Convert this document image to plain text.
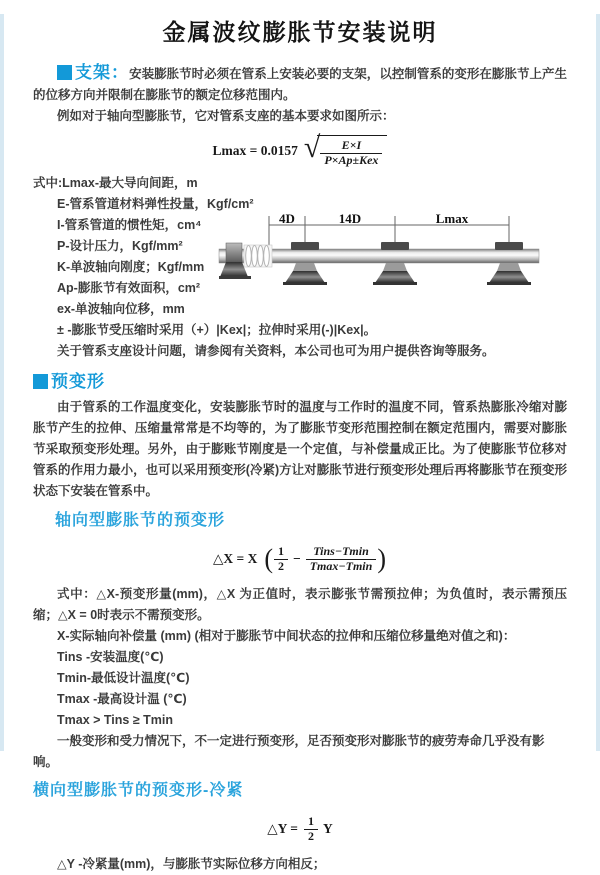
金属波纹膨胀节安装说明

支架：安装膨胀节时必须在管系上安装必要的支架，以控制管系的变形在膨胀节上产生的位移方向并限制在膨胀节的额定位移范围内。

例如对于轴向型膨胀节，它对管系支座的基本要求如图所示：

Lmax = 0.0157 √ $\frac{E\times I}{\text{P×Ap±Kex}}$

式中:Lmax-最大导向间距，m

E-管系管道材料弹性投量，Kgf/cm²

I-管系管道的惯性矩，cm⁴

P-设计压力，Kgf/mm²

K-单波轴向刚度；Kgf/mm

Ap-膨胀节有效面积，cm²

ex-单波轴向位移，mm

4D	14D	Lmax

± -膨胀节受压缩时采用（+）|Kex|；拉伸时采用(-)|Kex|。

关于管系支座设计问题，请参阅有关资料，本公司也可为用户提供咨询等服务。

预变形

由于管系的工作温度变化，安装膨胀节时的温度与工作时的温度不同，管系热膨胀冷缩对膨胀节产生的拉伸、压缩量常常是不均等的，为了膨胀节变形范围控制在额定范围内，需要对膨胀节采取预变形处理。另外，由于膨账节刚度是一个定值，与补偿量成正比。为了使膨胀节位移对管系的作用力最小，也可以采用预变形(冷紧)方让对膨胀节进行预变形处理后再将膨胀节在预变形状态下安装在管系中。

轴向型膨胀节的预变形
△X = X ( $\frac{1}{2} - \frac{\text{Tins−Tmin}}{Tmax-Tmin}$ )

式中：△X-预变形量(mm)，△X 为正值时，表示膨张节需预拉伸；为负值时，表示需预压缩；△X = 0时表示不需预变形。

X-实际轴向补偿量 (mm) (相对于膨胀节中间状态的拉伸和压缩位移量绝对值之和)：

Tins -安装温度(℃)

Tmin-最低设计温度(℃)

Tmax -最高设计温 (℃)

Tmax > Tins ≥ Tmin

一般变形和受力情况下，不一定进行预变形，足否预变形对膨胀节的疲劳寿命几乎没有影响。

横向型膨胀节的预变形-冷紧
△Y = $\frac{1}{2}$ Y

△Y -冷紧量(mm)，与膨胀节实际位移方向相反；
